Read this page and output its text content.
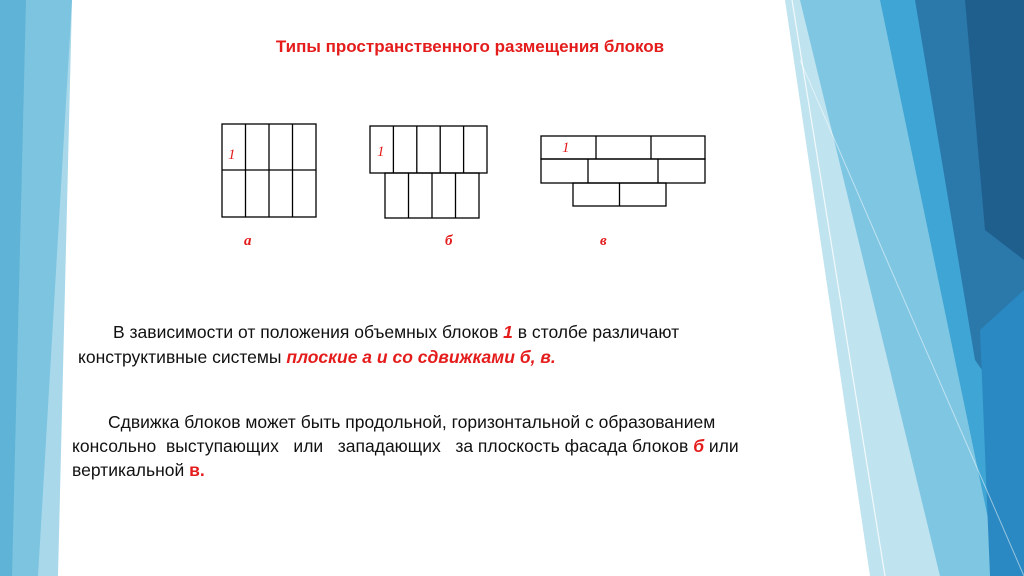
Типы пространственного размещения блоков
1	1	1
а	б	в
В зависимости от положения объемных блоков 1 в столбе различают
конструктивные системы плоские а и со сдвижками б, в.
Сдвижка блоков может быть продольной, горизонтальной с образованием
консольно  выступающих   или   западающих   за плоскость фасада блоков б или
вертикальной в.
